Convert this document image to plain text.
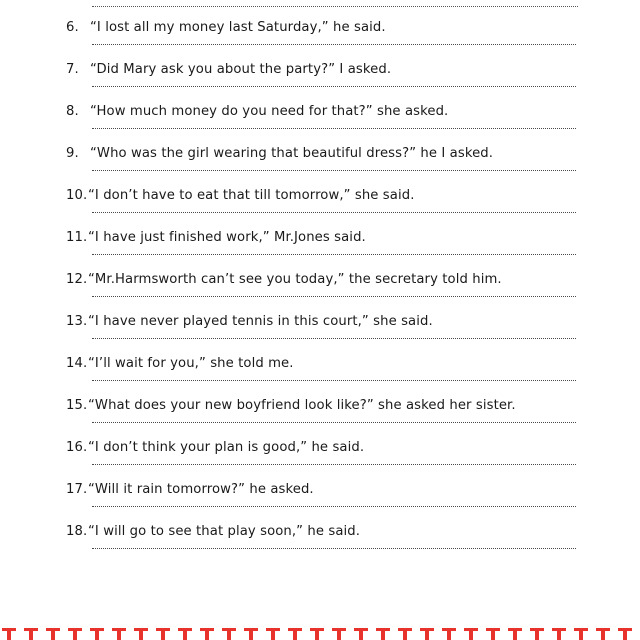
6. “I lost all my money last Saturday,” he said.
7. “Did Mary ask you about the party?” I asked.
8. “How much money do you need for that?” she asked.
9. “Who was the girl wearing that beautiful dress?” he I asked.
10. “I don’t have to eat that till tomorrow,” she said.
11. “I have just finished work,” Mr.Jones said.
12. “Mr.Harmsworth can’t see you today,” the secretary told him.
13. “I have never played tennis in this court,” she said.
14. “I’ll wait for you,” she told me.
15. “What does your new boyfriend look like?” she asked her sister.
16. “I don’t think your plan is good,” he said.
17. “Will it rain tomorrow?” he asked.
18. “I will go to see that play soon,” he said.
